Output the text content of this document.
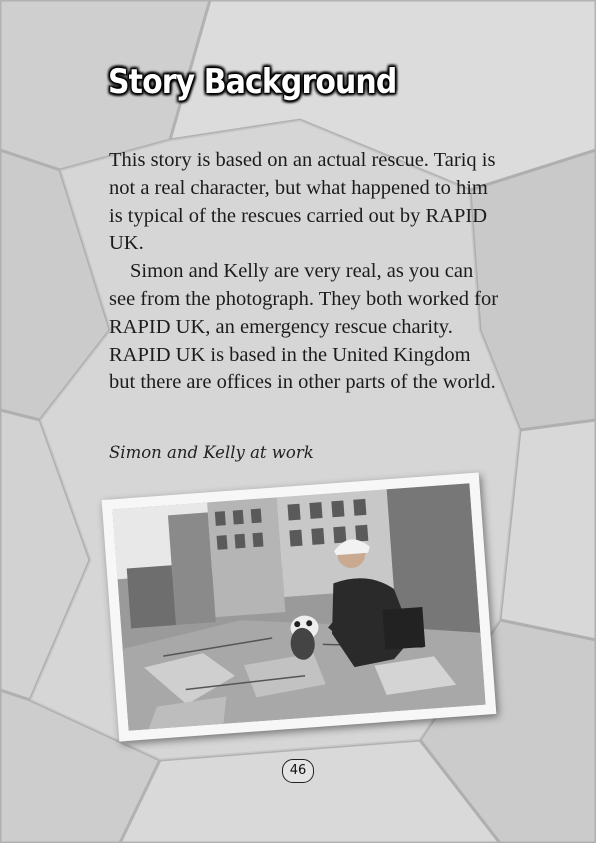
Story Background

This story is based on an actual rescue. Tariq is not a real character, but what happened to him is typical of the rescues carried out by RAPID UK.

Simon and Kelly are very real, as you can see from the photograph. They both worked for RAPID UK, an emergency rescue charity. RAPID UK is based in the United Kingdom but there are offices in other parts of the world.

Simon and Kelly at work
46
